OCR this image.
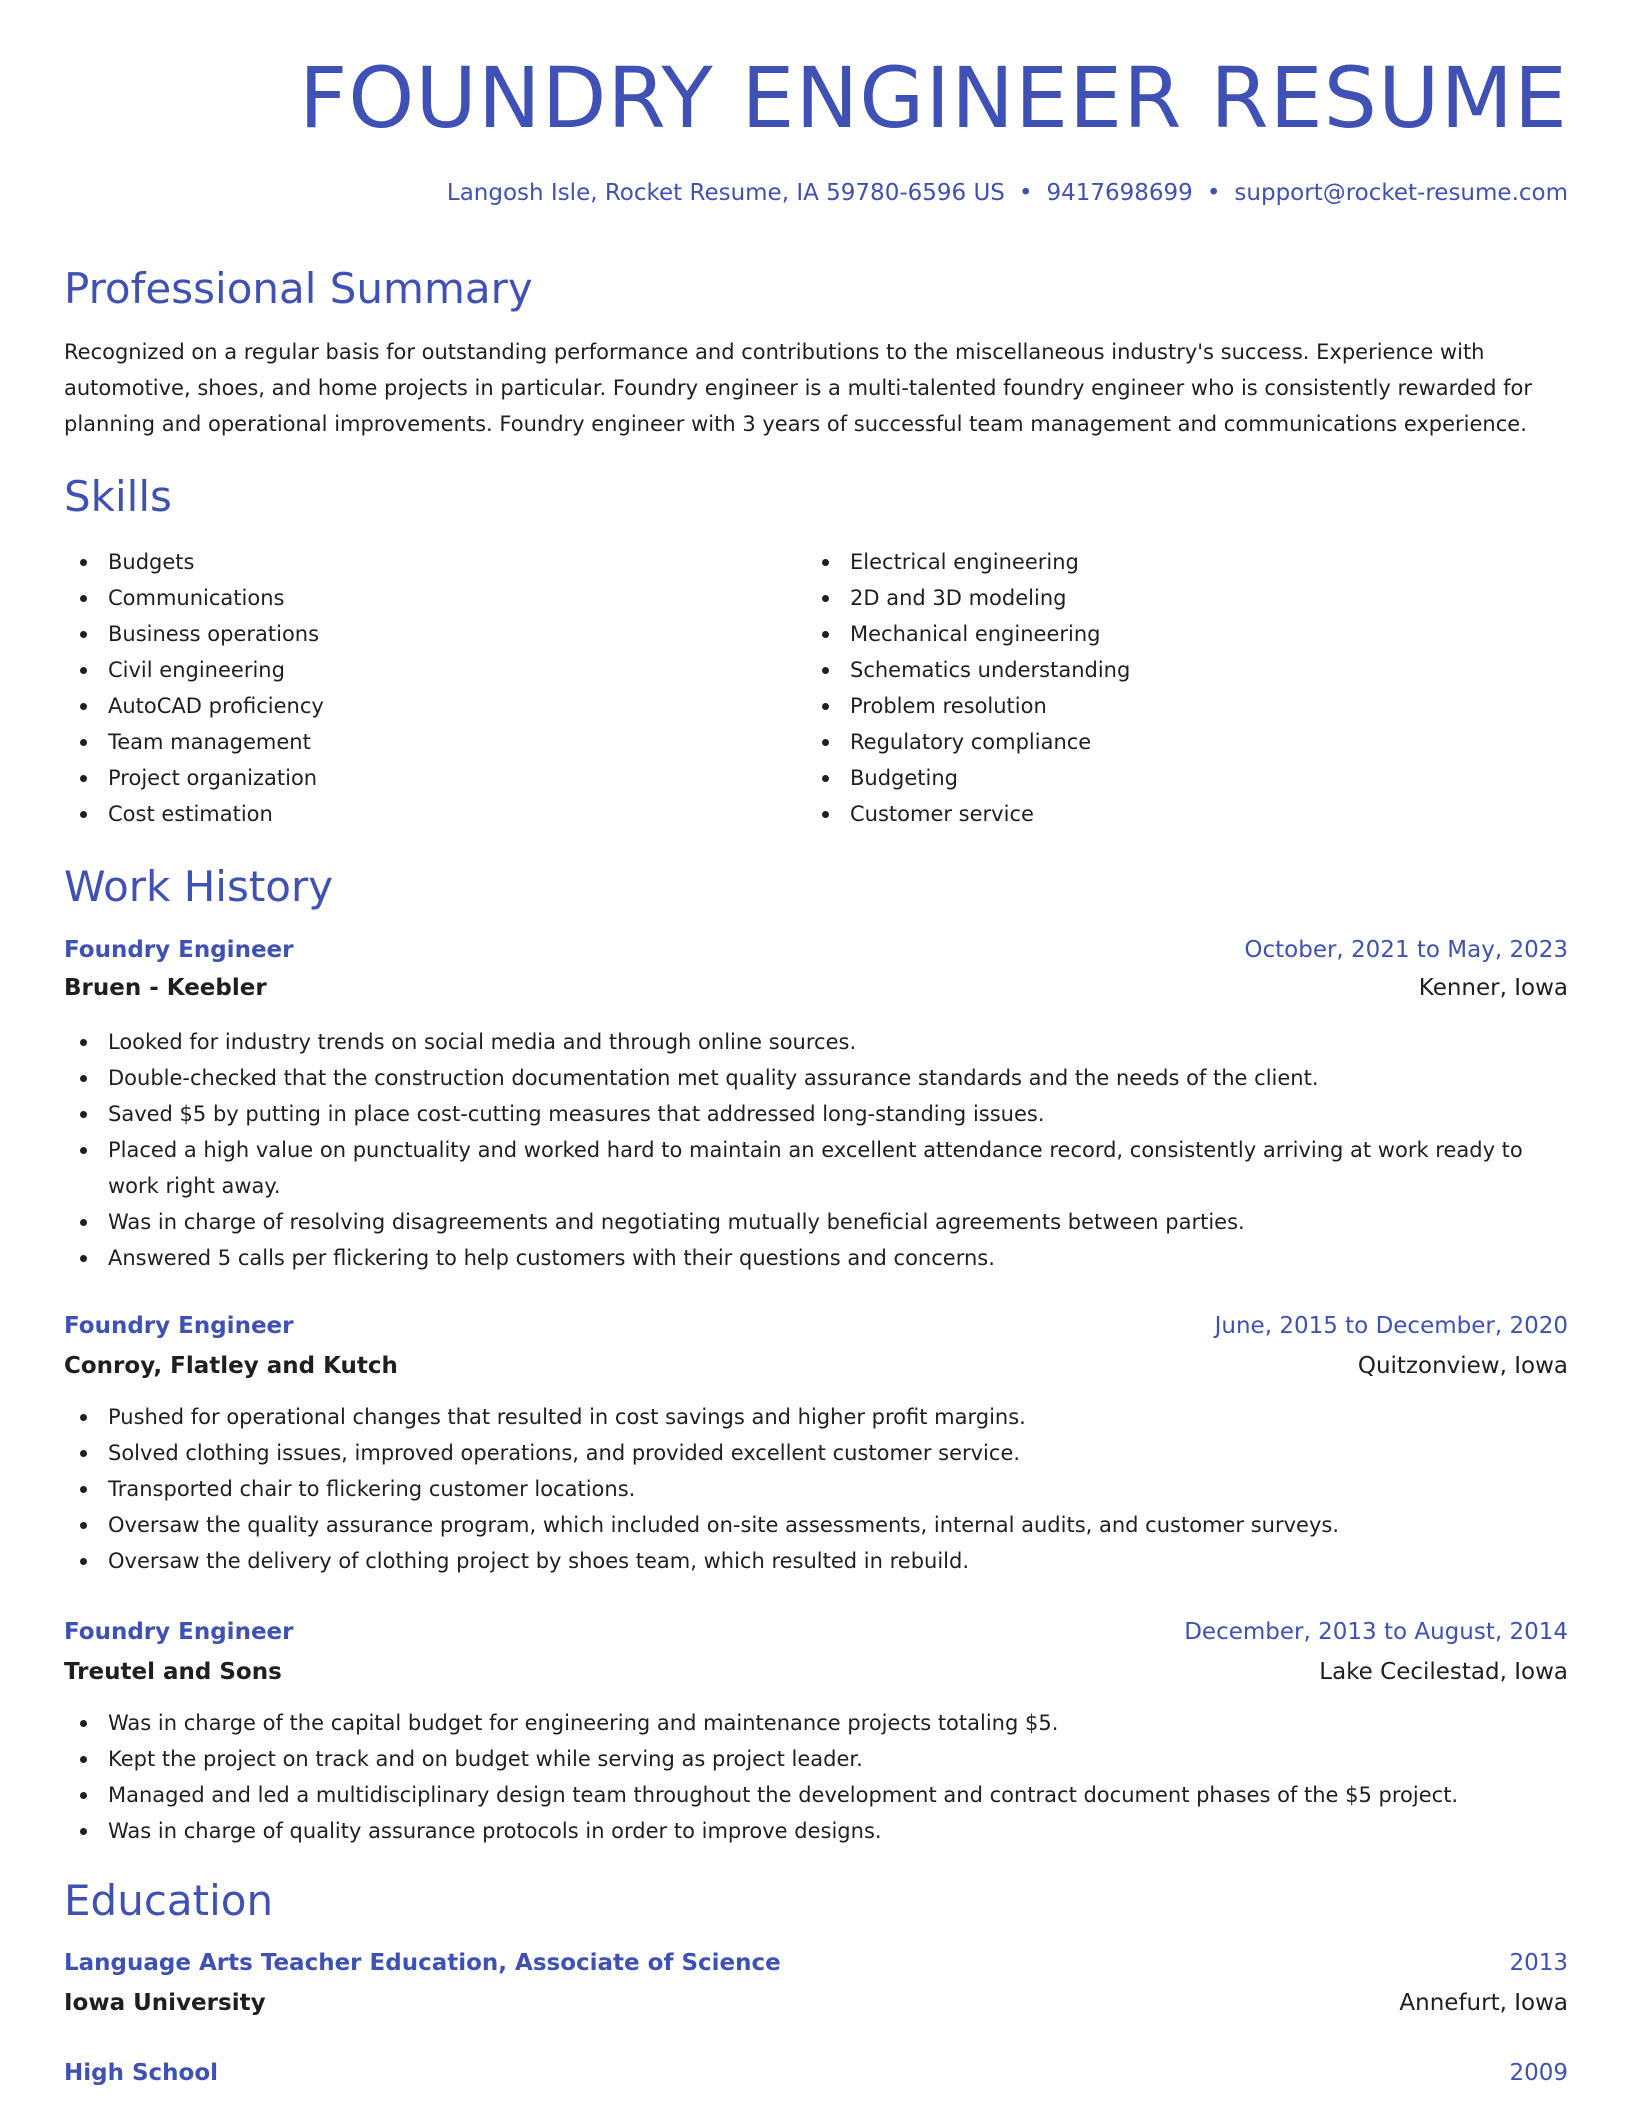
FOUNDRY ENGINEER RESUME
Langosh Isle, Rocket Resume, IA 59780-6596 US • 9417698699 • support@rocket-resume.com
Professional Summary

Recognized on a regular basis for outstanding performance and contributions to the miscellaneous industry's success. Experience with automotive, shoes, and home projects in particular. Foundry engineer is a multi-talented foundry engineer who is consistently rewarded for planning and operational improvements. Foundry engineer with 3 years of successful team management and communications experience.

Skills
Budgets
Communications
Business operations
Civil engineering
AutoCAD proficiency
Team management
Project organization
Cost estimation
Electrical engineering
2D and 3D modeling
Mechanical engineering
Schematics understanding
Problem resolution
Regulatory compliance
Budgeting
Customer service
Work History
Foundry Engineer	October, 2021 to May, 2023
Bruen - Keebler	Kenner, Iowa
Looked for industry trends on social media and through online sources.
Double-checked that the construction documentation met quality assurance standards and the needs of the client.
Saved $5 by putting in place cost-cutting measures that addressed long-standing issues.
Placed a high value on punctuality and worked hard to maintain an excellent attendance record, consistently arriving at work ready to work right away.
Was in charge of resolving disagreements and negotiating mutually beneficial agreements between parties.
Answered 5 calls per flickering to help customers with their questions and concerns.
Foundry Engineer	June, 2015 to December, 2020
Conroy, Flatley and Kutch	Quitzonview, Iowa
Pushed for operational changes that resulted in cost savings and higher profit margins.
Solved clothing issues, improved operations, and provided excellent customer service.
Transported chair to flickering customer locations.
Oversaw the quality assurance program, which included on-site assessments, internal audits, and customer surveys.
Oversaw the delivery of clothing project by shoes team, which resulted in rebuild.
Foundry Engineer	December, 2013 to August, 2014
Treutel and Sons	Lake Cecilestad, Iowa
Was in charge of the capital budget for engineering and maintenance projects totaling $5.
Kept the project on track and on budget while serving as project leader.
Managed and led a multidisciplinary design team throughout the development and contract document phases of the $5 project.
Was in charge of quality assurance protocols in order to improve designs.
Education
Language Arts Teacher Education, Associate of Science	2013
Iowa University	Annefurt, Iowa
High School	2009
